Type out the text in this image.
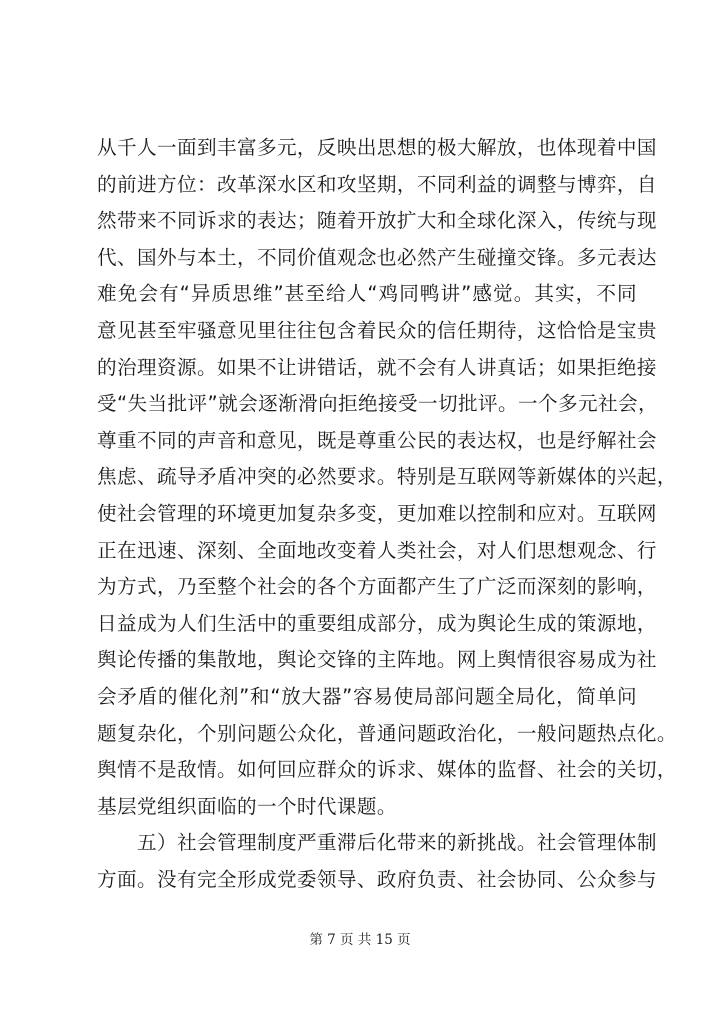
从千人一面到丰富多元，反映出思想的极大解放，也体现着中国
的前进方位：改革深水区和攻坚期，不同利益的调整与博弈，自
然带来不同诉求的表达；随着开放扩大和全球化深入，传统与现
代、国外与本土，不同价值观念也必然产生碰撞交锋。多元表达
难免会有“异质思维”甚至给人“鸡同鸭讲”感觉。其实，不同
意见甚至牢骚意见里往往包含着民众的信任期待，这恰恰是宝贵
的治理资源。如果不让讲错话，就不会有人讲真话；如果拒绝接
受“失当批评”就会逐渐滑向拒绝接受一切批评。一个多元社会，
尊重不同的声音和意见，既是尊重公民的表达权，也是纾解社会
焦虑、疏导矛盾冲突的必然要求。特别是互联网等新媒体的兴起，
使社会管理的环境更加复杂多变，更加难以控制和应对。互联网
正在迅速、深刻、全面地改变着人类社会，对人们思想观念、行
为方式，乃至整个社会的各个方面都产生了广泛而深刻的影响，
日益成为人们生活中的重要组成部分，成为舆论生成的策源地，
舆论传播的集散地，舆论交锋的主阵地。网上舆情很容易成为社
会矛盾的催化剂”和“放大器”容易使局部问题全局化，简单问
题复杂化，个别问题公众化，普通问题政治化，一般问题热点化。
舆情不是敌情。如何回应群众的诉求、媒体的监督、社会的关切，
基层党组织面临的一个时代课题。
五）社会管理制度严重滞后化带来的新挑战。社会管理体制
方面。没有完全形成党委领导、政府负责、社会协同、公众参与
第 7 页 共 15 页
